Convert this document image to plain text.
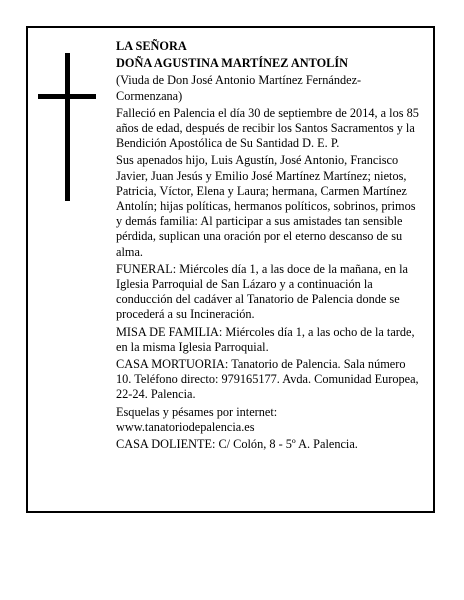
LA SEÑORA

DOÑA AGUSTINA MARTÍNEZ ANTOLÍN

(Viuda de Don José Antonio Martínez Fernández-Cormenzana)

Falleció en Palencia el día 30 de septiembre de 2014, a los 85 años de edad, después de recibir los Santos Sacramentos y la Bendición Apostólica de Su Santidad D. E. P.

Sus apenados hijo, Luis Agustín, José Antonio, Francisco Javier, Juan Jesús y Emilio José Martínez Martínez; nietos, Patricia, Víctor, Elena y Laura; hermana, Carmen Martínez Antolín; hijas políticas, hermanos políticos, sobrinos, primos y demás familia: Al participar a sus amistades tan sensible pérdida, suplican una oración por el eterno descanso de su alma.

FUNERAL: Miércoles día 1, a las doce de la mañana, en la Iglesia Parroquial de San Lázaro y a continuación la conducción del cadáver al Tanatorio de Palencia donde se procederá a su Incineración.

MISA DE FAMILIA: Miércoles día 1, a las ocho de la tarde, en la misma Iglesia Parroquial.

CASA MORTUORIA: Tanatorio de Palencia. Sala número 10. Teléfono directo: 979165177. Avda. Comunidad Europea, 22-24. Palencia.

Esquelas y pésames por internet:
www.tanatoriodepalencia.es

CASA DOLIENTE: C/ Colón, 8 - 5º A. Palencia.
